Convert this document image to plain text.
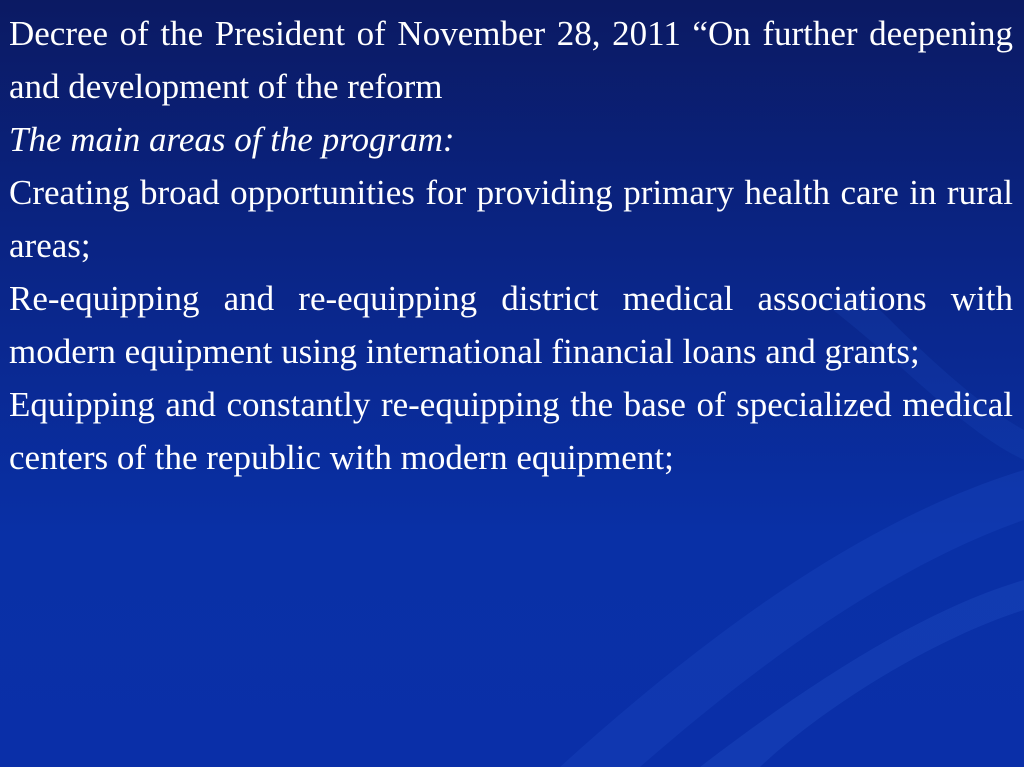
Decree of the President of November 28, 2011 “On further deepening and development of the reform

The main areas of the program:

Creating broad opportunities for providing primary health care in rural areas;

Re-equipping and re-equipping district medical associations with modern equipment using international financial loans and grants;

Equipping and constantly re-equipping the base of specialized medical centers of the republic with modern equipment;
